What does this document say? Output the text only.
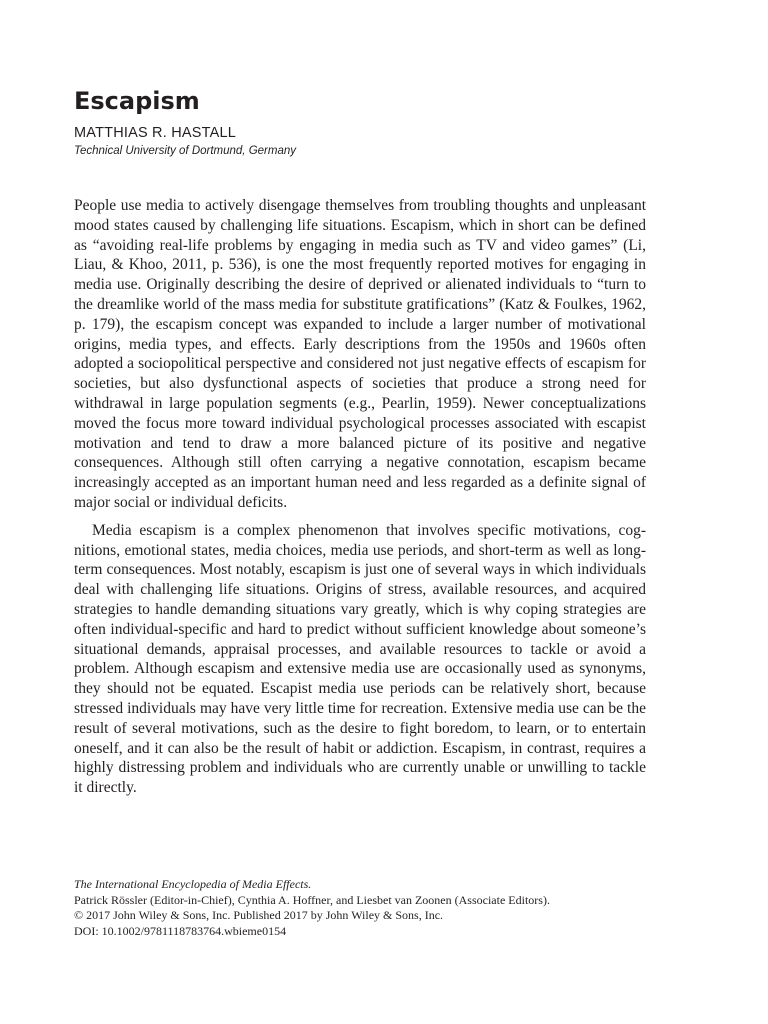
Escapism
MATTHIAS R. HASTALL
Technical University of Dortmund, Germany

People use media to actively disengage themselves from troubling thoughts and unpleasant mood states caused by challenging life situations. Escapism, which in short can be defined as “avoiding real-life problems by engaging in media such as TV and video games” (Li, Liau, & Khoo, 2011, p. 536), is one the most frequently reported motives for engaging in media use. Originally describing the desire of deprived or alienated individuals to “turn to the dreamlike world of the mass media for substitute gratifications” (Katz & Foulkes, 1962, p. 179), the escapism concept was expanded to include a larger number of motivational origins, media types, and effects. Early descriptions from the 1950s and 1960s often adopted a sociopolitical perspective and considered not just negative effects of escapism for societies, but also dysfunctional aspects of societies that produce a strong need for withdrawal in large population segments (e.g., Pearlin, 1959). Newer conceptualizations moved the focus more toward individual psychological processes associated with escapist motivation and tend to draw a more balanced picture of its positive and negative consequences. Although still often carrying a negative connotation, escapism became increasingly accepted as an important human need and less regarded as a definite signal of major social or individual deficits.

Media escapism is a complex phenomenon that involves specific motivations, cognitions, emotional states, media choices, media use periods, and short-term as well as long-term consequences. Most notably, escapism is just one of several ways in which individuals deal with challenging life situations. Origins of stress, available resources, and acquired strategies to handle demanding situations vary greatly, which is why coping strategies are often individual-specific and hard to predict without sufficient knowledge about someone’s situational demands, appraisal processes, and available resources to tackle or avoid a problem. Although escapism and extensive media use are occasionally used as synonyms, they should not be equated. Escapist media use periods can be relatively short, because stressed individuals may have very little time for recreation. Extensive media use can be the result of several motivations, such as the desire to fight boredom, to learn, or to entertain oneself, and it can also be the result of habit or addiction. Escapism, in contrast, requires a highly distressing problem and individuals who are currently unable or unwilling to tackle it directly.

The International Encyclopedia of Media Effects.
Patrick Rössler (Editor-in-Chief), Cynthia A. Hoffner, and Liesbet van Zoonen (Associate Editors).
© 2017 John Wiley & Sons, Inc. Published 2017 by John Wiley & Sons, Inc.
DOI: 10.1002/9781118783764.wbieme0154
